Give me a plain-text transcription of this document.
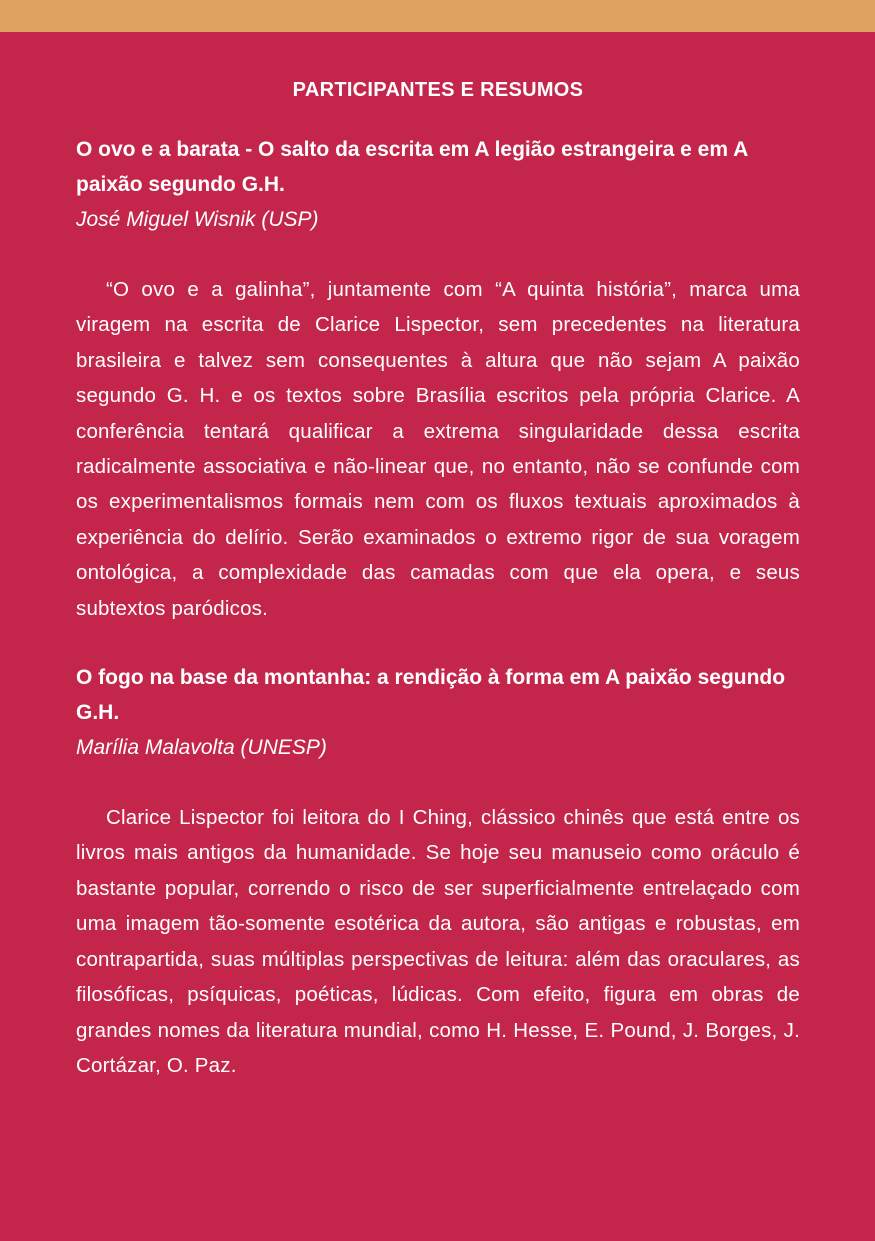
PARTICIPANTES E RESUMOS

O ovo e a barata - O salto da escrita em A legião estrangeira e em A paixão segundo G.H.

José Miguel Wisnik (USP)

“O ovo e a galinha”, juntamente com “A quinta história”, marca uma viragem na escrita de Clarice Lispector, sem precedentes na literatura brasileira e talvez sem consequentes à altura que não sejam A paixão segundo G. H. e os textos sobre Brasília escritos pela própria Clarice. A conferência tentará qualificar a extrema singularidade dessa escrita radicalmente associativa e não-linear que, no entanto, não se confunde com os experimentalismos formais nem com os fluxos textuais aproximados à experiência do delírio. Serão examinados o extremo rigor de sua voragem ontológica, a complexidade das camadas com que ela opera, e seus subtextos paródicos.

O fogo na base da montanha: a rendição à forma em A paixão segundo G.H.

Marília Malavolta (UNESP)

Clarice Lispector foi leitora do I Ching, clássico chinês que está entre os livros mais antigos da humanidade. Se hoje seu manuseio como oráculo é bastante popular, correndo o risco de ser superficialmente entrelaçado com uma imagem tão-somente esotérica da autora, são antigas e robustas, em contrapartida, suas múltiplas perspectivas de leitura: além das oraculares, as filosóficas, psíquicas, poéticas, lúdicas. Com efeito, figura em obras de grandes nomes da literatura mundial, como H. Hesse, E. Pound, J. Borges, J. Cortázar, O. Paz.
